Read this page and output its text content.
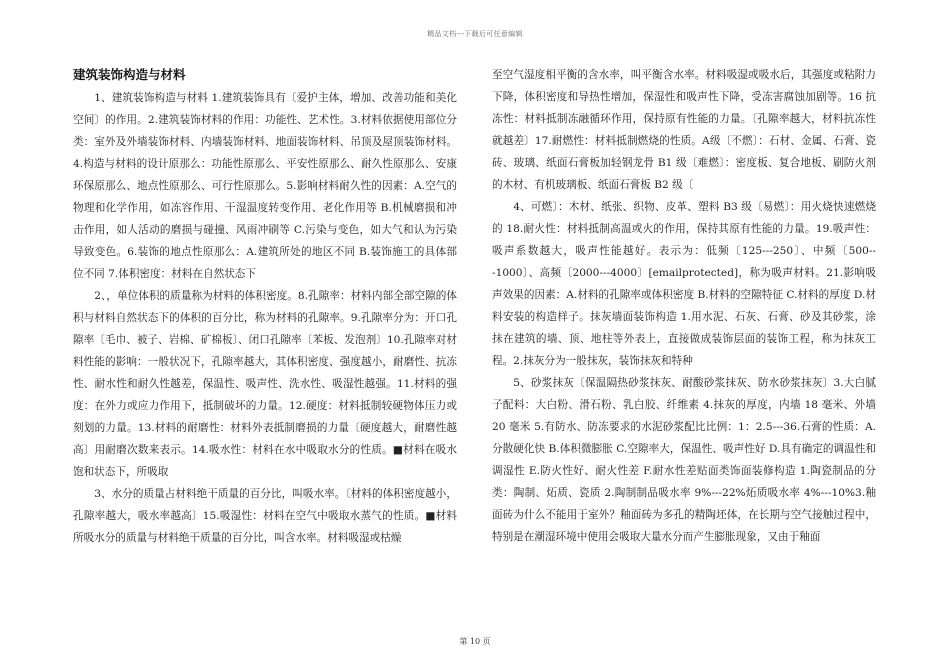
精品文档---下载后可任意编辑
建筑装饰构造与材料
1、建筑装饰构造与材料 1.建筑装饰具有〔爱护主体，增加、改善功能和美化空间〕的作用。2.建筑装饰材料的作用：功能性、艺术性。3.材料依据使用部位分类：室外及外墙装饰材料、内墙装饰材料、地面装饰材料、吊顶及屋顶装饰材料。4.构造与材料的设计原那么：功能性原那么、平安性原那么、耐久性原那么、安康环保原那么、地点性原那么、可行性原那么。5.影响材料耐久性的因素：A.空气的物理和化学作用，如冻容作用、干湿温度转变作用、老化作用等 B.机械磨损和冲击作用，如人活动的磨损与碰撞、风雨冲刷等 C.污染与变色，如大气和认为污染导致变色。6.装饰的地点性原那么：A.建筑所处的地区不同 B.装饰施工的具体部位不同 7.体积密度：材料在自然状态下
2、，单位体积的质量称为材料的体积密度。8.孔隙率：材料内部全部空隙的体积与材料自然状态下的体积的百分比，称为材料的孔隙率。9.孔隙率分为：开口孔隙率〔毛巾、被子、岩棉、矿棉板〕、闭口孔隙率〔苯板、发泡剂〕10.孔隙率对材料性能的影响：一般状况下，孔隙率越大，其体积密度、强度越小，耐磨性、抗冻性、耐水性和耐久性越差，保温性、吸声性、洗水性、吸湿性越强。11.材料的强度：在外力或应力作用下，抵制破坏的力量。12.硬度：材料抵制较硬物体压力或刻划的力量。13.材料的耐磨性：材料外表抵制磨损的力量〔硬度越大，耐磨性越高〕用耐磨次数来表示。14.吸水性：材料在水中吸取水分的性质。■材料在吸水饱和状态下，所吸取
3、水分的质量占材料绝干质量的百分比，叫吸水率。〔材料的体积密度越小，孔隙率越大，吸水率越高〕15.吸湿性：材料在空气中吸取水蒸气的性质。■材料所吸水分的质量与材料绝干质量的百分比，叫含水率。材料吸湿或枯燥
至空气湿度相平衡的含水率，叫平衡含水率。材料吸湿或吸水后，其强度或粘附力下降，体积密度和导热性增加，保湿性和吸声性下降，受冻害腐蚀加剧等。16 抗冻性：材料抵制冻融循环作用，保持原有性能的力量。〔孔隙率越大，材料抗冻性就越差〕17.耐燃性：材料抵制燃烧的性质。A级〔不燃〕：石材、金属、石膏、瓷砖、玻璃、纸面石膏板加轻钢龙骨 B1 级〔难燃〕：密度板、复合地板、刷防火剂的木材、有机玻璃板、纸面石膏板 B2 级〔
4、可燃〕：木材、纸张、织物、皮革、塑料 B3 级〔易燃〕：用火烧快速燃烧的 18.耐火性：材料抵制高温或火的作用，保持其原有性能的力量。19.吸声性：吸声系数越大，吸声性能越好。表示为：低频〔125---250〕、中频〔500---1000〕、高频〔2000---4000〕[emailprotected]，称为吸声材料。21.影响吸声效果的因素：A.材料的孔隙率或体积密度 B.材料的空隙特征 C.材料的厚度 D.材料安装的构造样子。抹灰墙面装饰构造 1.用水泥、石灰、石膏、砂及其砂浆，涂抹在建筑的墙、顶、地柱等外表上，直接做成装饰层面的装饰工程，称为抹灰工程。2.抹灰分为一般抹灰，装饰抹灰和特种
5、砂浆抹灰〔保温隔热砂浆抹灰、耐酸砂浆抹灰、防水砂浆抹灰〕3.大白腻子配料：大白粉、滑石粉、乳白胶、纤维素 4.抹灰的厚度，内墙 18 毫米、外墙 20 毫米 5.有防水、防冻要求的水泥砂浆配比比例：1：2.5---36.石膏的性质：A.分散硬化快 B.体积微膨胀 C.空隙率大，保温性、吸声性好 D.具有确定的调温性和调湿性 E.防火性好、耐火性差 F.耐水性差贴面类饰面装修构造 1.陶瓷制品的分类：陶制、炻质、瓷质 2.陶制制品吸水率 9%---22%炻质吸水率 4%---10%3.釉面砖为什么不能用于室外？釉面砖为多孔的精陶坯体，在长期与空气接触过程中，特别是在潮湿环境中使用会吸取大量水分而产生膨胀现象，又由于釉面
第 10 页
